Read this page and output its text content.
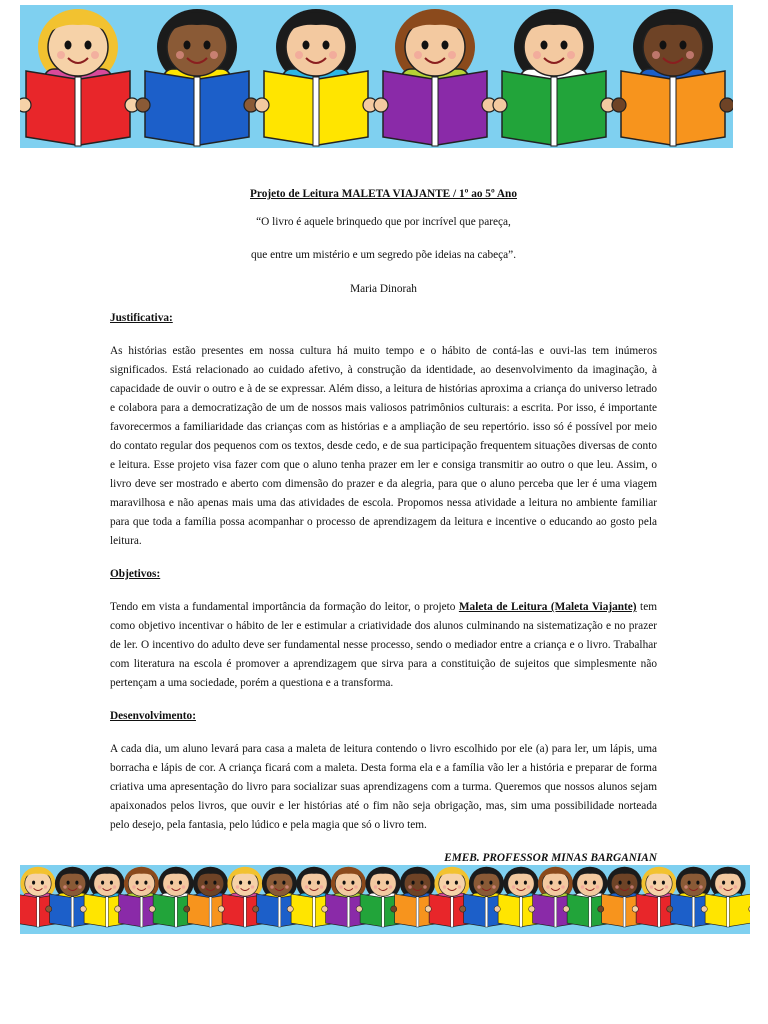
Projeto de Leitura MALETA VIAJANTE / 1º ao 5º Ano

“O livro é aquele brinquedo que por incrível que pareça,

que entre um mistério e um segredo põe ideias na cabeça”.

Maria Dinorah

Justificativa:

As histórias estão presentes em nossa cultura há muito tempo e o hábito de contá-las e ouvi-las tem inúmeros significados. Está relacionado ao cuidado afetivo, à construção da identidade, ao desenvolvimento da imaginação, à capacidade de ouvir o outro e à de se expressar. Além disso, a leitura de histórias aproxima a criança do universo letrado e colabora para a democratização de um de nossos mais valiosos patrimônios culturais: a escrita. Por isso, é importante favorecermos a familiaridade das crianças com as histórias e a ampliação de seu repertório. isso só é possível por meio do contato regular dos pequenos com os textos, desde cedo, e de sua participação frequentem situações diversas de conto e leitura. Esse projeto visa fazer com que o aluno tenha prazer em ler e consiga transmitir ao outro o que leu. Assim, o livro deve ser mostrado e aberto com dimensão do prazer e da alegria, para que o aluno perceba que ler é uma viagem maravilhosa e não apenas mais uma das atividades de escola. Propomos nessa atividade a leitura no ambiente familiar para que toda a família possa acompanhar o processo de aprendizagem da leitura e incentive o educando ao gosto pela leitura.

Objetivos:

Tendo em vista a fundamental importância da formação do leitor, o projeto Maleta de Leitura (Maleta Viajante) tem como objetivo incentivar o hábito de ler e estimular a criatividade dos alunos culminando na sistematização e no prazer de ler. O incentivo do adulto deve ser fundamental nesse processo, sendo o mediador entre a criança e o livro. Trabalhar com literatura na escola é promover a aprendizagem que sirva para a constituição de sujeitos que simplesmente não pertençam a uma sociedade, porém a questiona e a transforma.

Desenvolvimento:

A cada dia, um aluno levará para casa a maleta de leitura contendo o livro escolhido por ele (a) para ler, um lápis, uma borracha e lápis de cor. A criança ficará com a maleta. Desta forma ela e a família vão ler a história e preparar de forma criativa uma apresentação do livro para socializar suas aprendizagens com a turma. Queremos que nossos alunos sejam apaixonados pelos livros, que ouvir e ler histórias até o fim não seja obrigação, mas, sim uma possibilidade norteada pelo desejo, pela fantasia, pelo lúdico e pela magia que só o livro tem.

EMEB. PROFESSOR MINAS BARGANIAN
